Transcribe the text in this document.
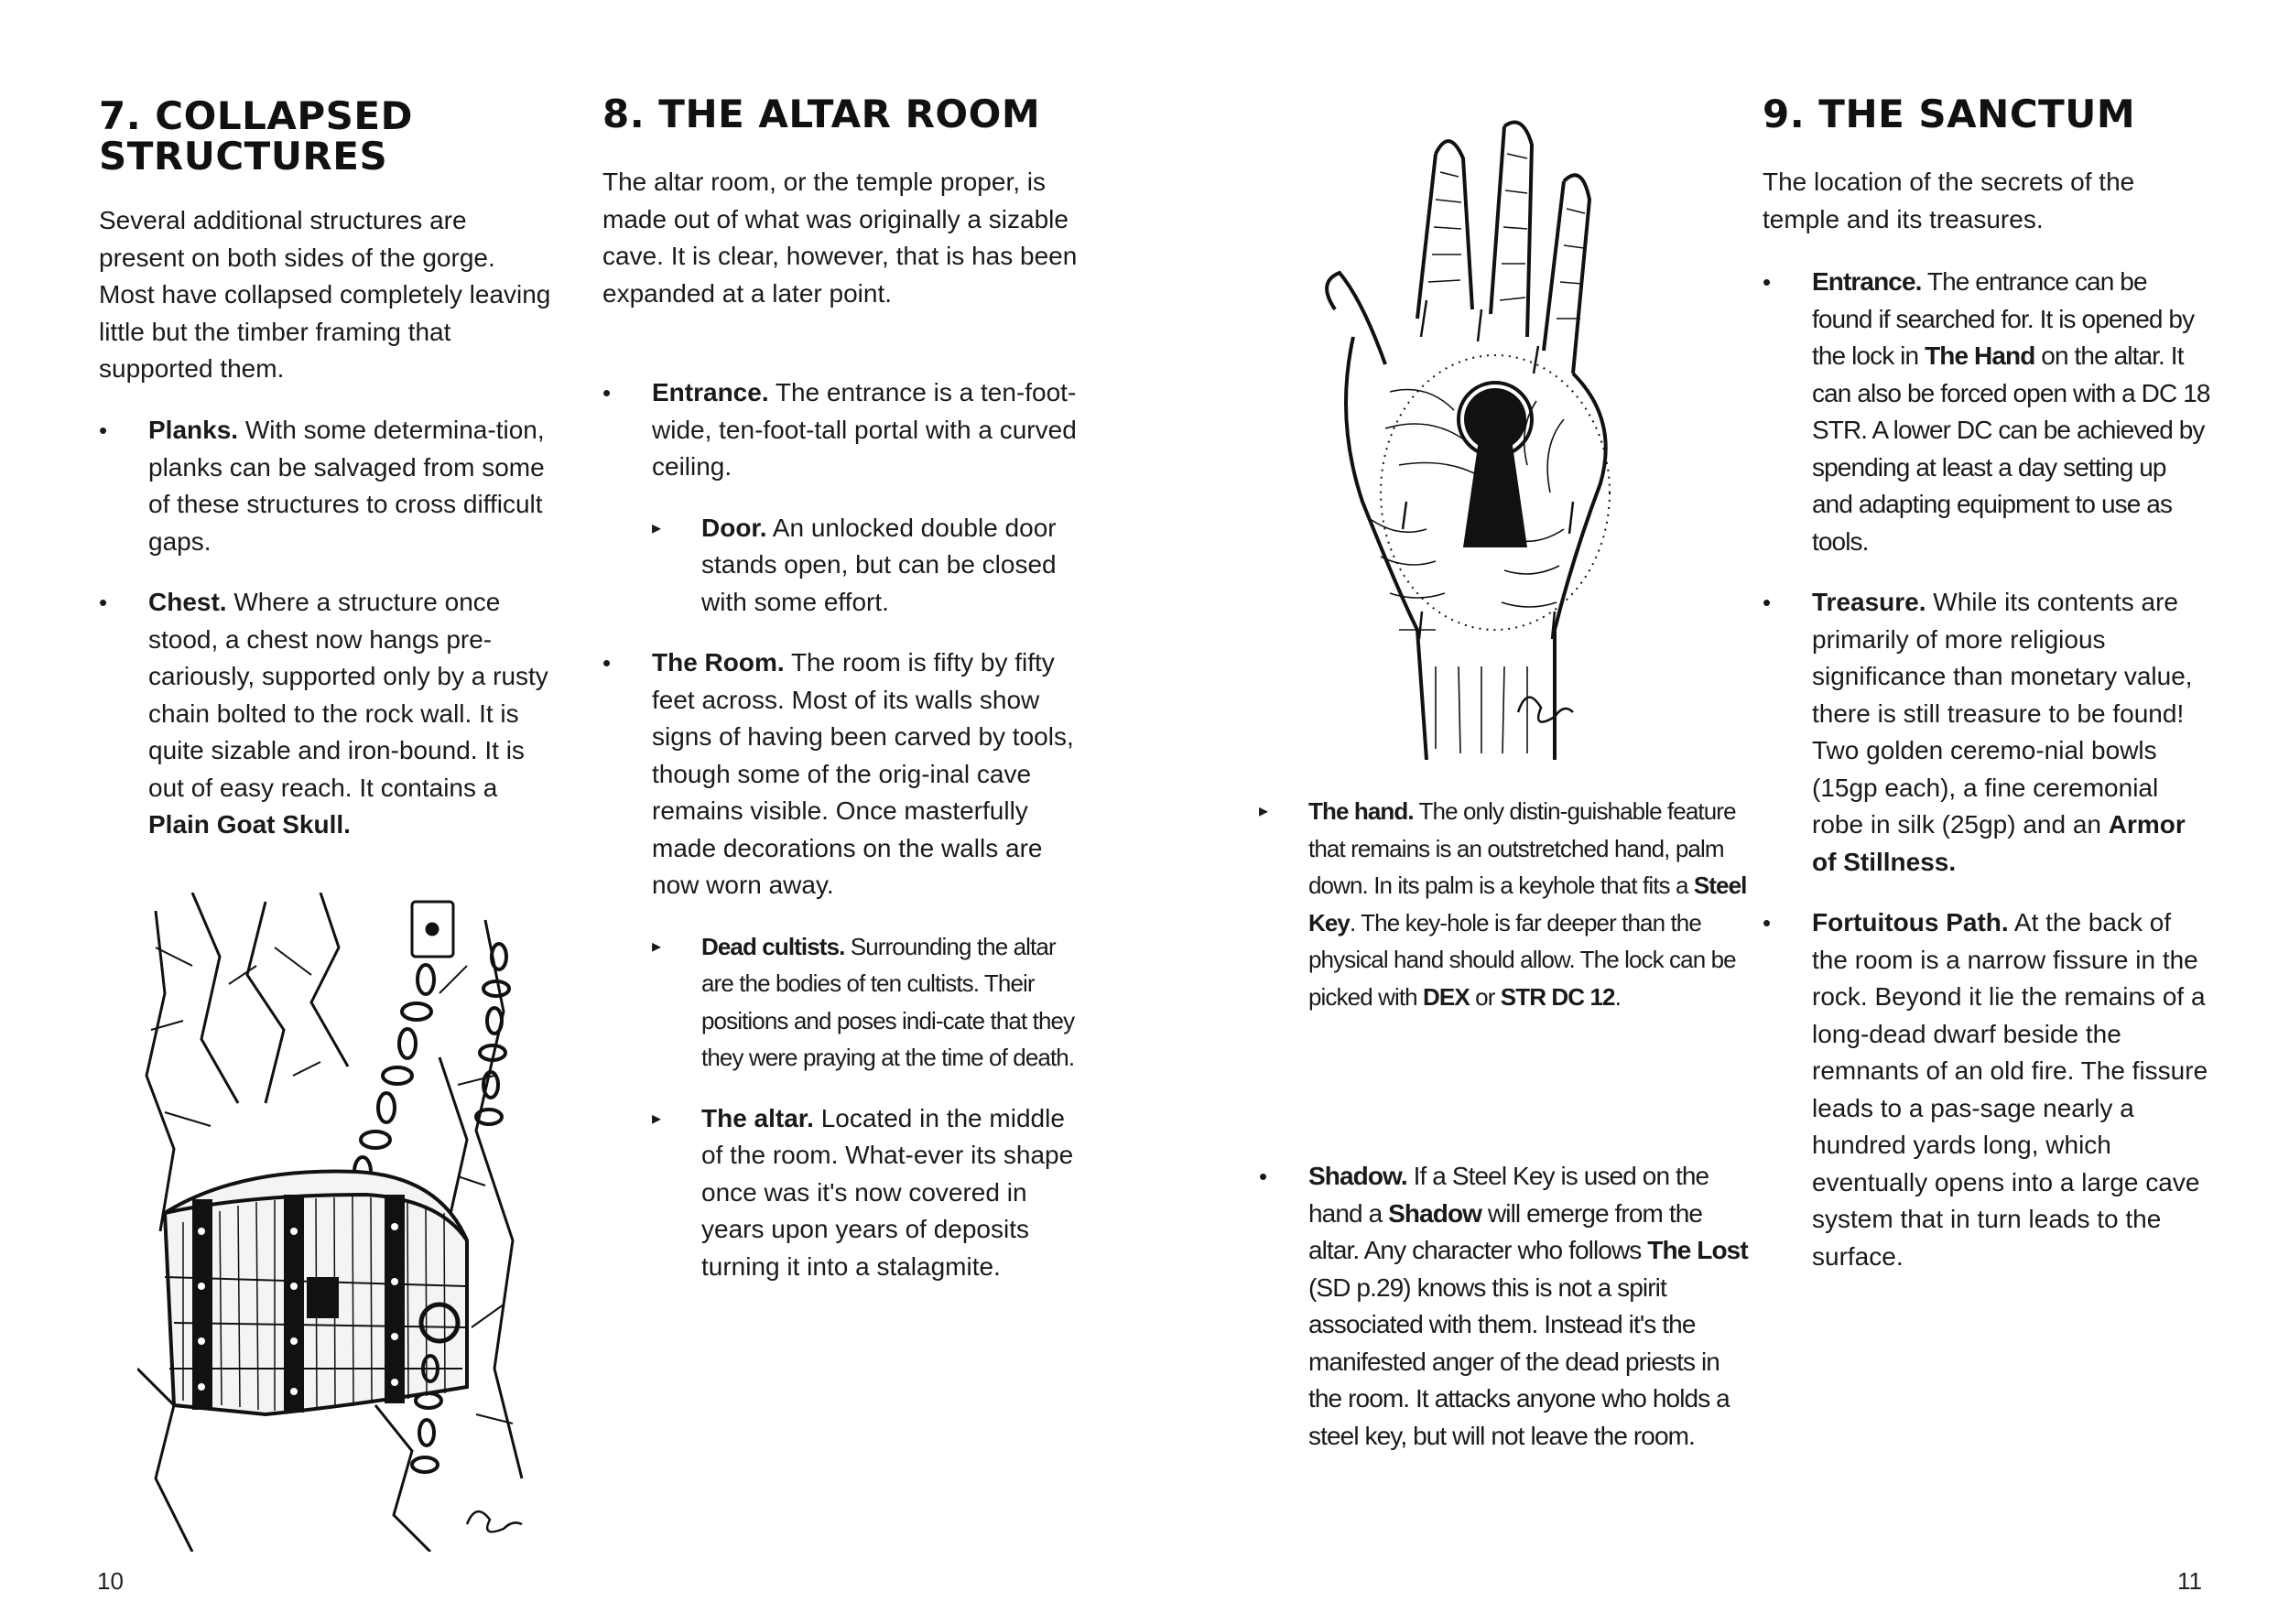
7. COLLAPSED STRUCTURES

Several additional structures are present on both sides of the gorge. Most have collapsed completely leaving little but the timber framing that supported them.

• Planks. With some determina-tion, planks can be salvaged from some of these structures to cross difficult gaps.
• Chest. Where a structure once stood, a chest now hangs pre-cariously, supported only by a rusty chain bolted to the rock wall. It is quite sizable and iron-bound. It is out of easy reach. It contains a Plain Goat Skull.
8. THE ALTAR ROOM

The altar room, or the temple proper, is made out of what was originally a sizable cave. It is clear, however, that is has been expanded at a later point.

• Entrance. The entrance is a ten-foot-wide, ten-foot-tall portal with a curved ceiling.
▸ Door. An unlocked double door stands open, but can be closed with some effort.
• The Room. The room is fifty by fifty feet across. Most of its walls show signs of having been carved by tools, though some of the orig-inal cave remains visible. Once masterfully made decorations on the walls are now worn away.
▸ Dead cultists. Surrounding the altar are the bodies of ten cultists. Their positions and poses indi-cate that they they were praying at the time of death.
▸ The altar. Located in the middle of the room. What-ever its shape once was it's now covered in years upon years of deposits turning it into a stalagmite.
▸ The hand. The only distin-guishable feature that remains is an outstretched hand, palm down. In its palm is a keyhole that fits a Steel Key. The key-hole is far deeper than the physical hand should allow. The lock can be picked with DEX or STR DC 12.
• Shadow. If a Steel Key is used on the hand a Shadow will emerge from the altar. Any character who follows The Lost (SD p.29) knows this is not a spirit associated with them. Instead it's the manifested anger of the dead priests in the room. It attacks anyone who holds a steel key, but will not leave the room.
9. THE SANCTUM

The location of the secrets of the temple and its treasures.

• Entrance. The entrance can be found if searched for. It is opened by the lock in The Hand on the altar. It can also be forced open with a DC 18 STR. A lower DC can be achieved by spending at least a day setting up and adapting equipment to use as tools.
• Treasure. While its contents are primarily of more religious significance than monetary value, there is still treasure to be found! Two golden ceremo-nial bowls (15gp each), a fine ceremonial robe in silk (25gp) and an Armor of Stillness.
• Fortuitous Path. At the back of the room is a narrow fissure in the rock. Beyond it lie the remains of a long-dead dwarf beside the remnants of an old fire. The fissure leads to a pas-sage nearly a hundred yards long, which eventually opens into a large cave system that in turn leads to the surface.
10	11
